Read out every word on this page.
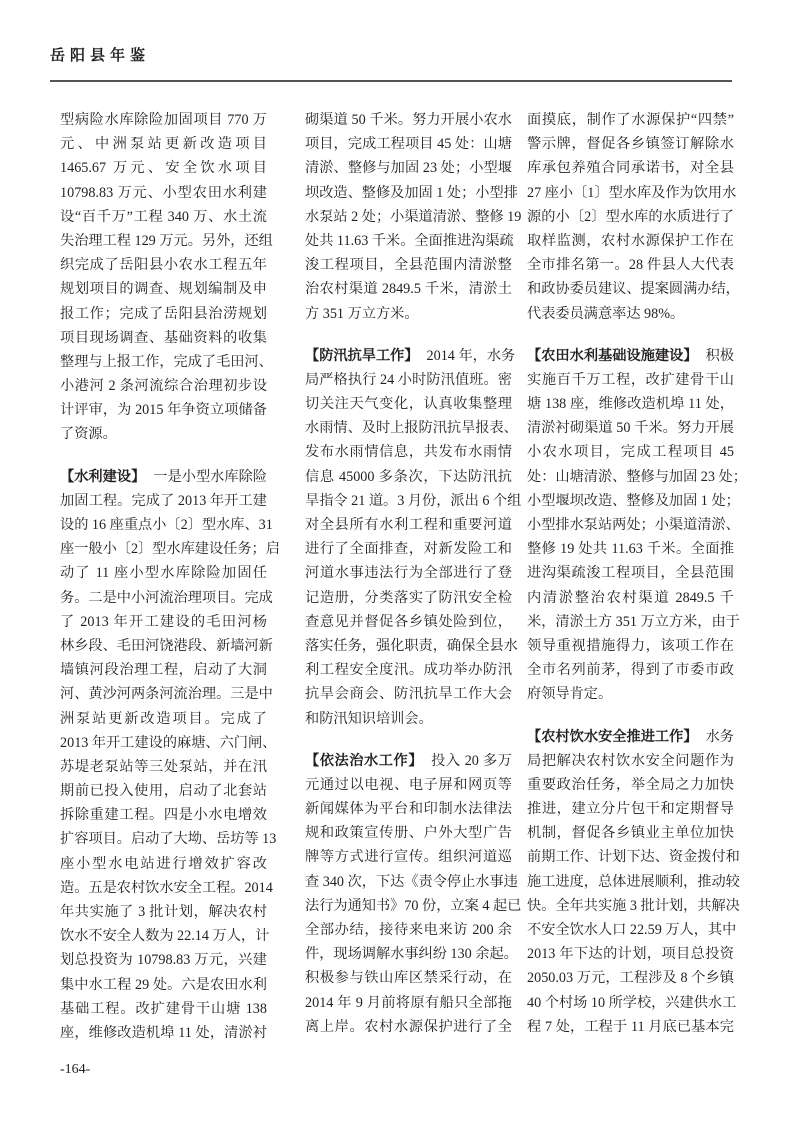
岳阳县年鉴
型病险水库除险加固项目 770 万
元、中洲泵站更新改造项目
1465.67 万元、安全饮水项目
10798.83 万元、小型农田水利建
设“百千万”工程 340 万、水土流
失治理工程 129 万元。另外，还组
织完成了岳阳县小农水工程五年
规划项目的调查、规划编制及申
报工作；完成了岳阳县治涝规划
项目现场调查、基础资料的收集
整理与上报工作，完成了毛田河、
小港河 2 条河流综合治理初步设
计评审，为 2015 年争资立项储备
了资源。
【水利建设】 一是小型水库除险
加固工程。完成了 2013 年开工建
设的 16 座重点小〔2〕型水库、31
座一般小〔2〕型水库建设任务；启
动了 11 座小型水库除险加固任
务。二是中小河流治理项目。完成
了 2013 年开工建设的毛田河杨
林乡段、毛田河饶港段、新墙河新
墙镇河段治理工程，启动了大洞
河、黄沙河两条河流治理。三是中
洲泵站更新改造项目。完成了
2013 年开工建设的麻塘、六门闸、
苏堤老泵站等三处泵站，并在汛
期前已投入使用，启动了北套站
拆除重建工程。四是小水电增效
扩容项目。启动了大坳、岳坊等 13
座小型水电站进行增效扩容改
造。五是农村饮水安全工程。2014
年共实施了 3 批计划，解决农村
饮水不安全人数为 22.14 万人，计
划总投资为 10798.83 万元，兴建
集中水工程 29 处。六是农田水利
基础工程。改扩建骨干山塘 138
座，维修改造机埠 11 处，清淤衬
砌渠道 50 千米。努力开展小农水
项目，完成工程项目 45 处：山塘
清淤、整修与加固 23 处；小型堰
坝改造、整修及加固 1 处；小型排
水泵站 2 处；小渠道清淤、整修 19
处共 11.63 千米。全面推进沟渠疏
浚工程项目，全县范围内清淤整
治农村渠道 2849.5 千米，清淤土
方 351 万立方米。
【防汛抗旱工作】 2014 年，水务
局严格执行 24 小时防汛值班。密
切关注天气变化，认真收集整理
水雨情、及时上报防汛抗旱报表、
发布水雨情信息，共发布水雨情
信息 45000 多条次，下达防汛抗
旱指令 21 道。3 月份，派出 6 个组
对全县所有水利工程和重要河道
进行了全面排查，对新发险工和
河道水事违法行为全部进行了登
记造册，分类落实了防汛安全检
查意见并督促各乡镇处险到位，
落实任务，强化职责，确保全县水
利工程安全度汛。成功举办防汛
抗旱会商会、防汛抗旱工作大会
和防汛知识培训会。
【依法治水工作】 投入 20 多万
元通过以电视、电子屏和网页等
新闻媒体为平台和印制水法律法
规和政策宣传册、户外大型广告
牌等方式进行宣传。组织河道巡
查 340 次，下达《责令停止水事违
法行为通知书》70 份，立案 4 起已
全部办结，接待来电来访 200 余
件，现场调解水事纠纷 130 余起。
积极参与铁山库区禁采行动，在
2014 年 9 月前将原有船只全部拖
离上岸。农村水源保护进行了全
面摸底，制作了水源保护“四禁”
警示牌，督促各乡镇签订解除水
库承包养殖合同承诺书，对全县
27 座小〔1〕型水库及作为饮用水
源的小〔2〕型水库的水质进行了
取样监测，农村水源保护工作在
全市排名第一。28 件县人大代表
和政协委员建议、提案圆满办结，
代表委员满意率达 98%。
【农田水利基础设施建设】 积极
实施百千万工程，改扩建骨干山
塘 138 座，维修改造机埠 11 处，
清淤衬砌渠道 50 千米。努力开展
小农水项目，完成工程项目 45
处：山塘清淤、整修与加固 23 处；
小型堰坝改造、整修及加固 1 处；
小型排水泵站两处；小渠道清淤、
整修 19 处共 11.63 千米。全面推
进沟渠疏浚工程项目，全县范围
内清淤整治农村渠道 2849.5 千
米，清淤土方 351 万立方米，由于
领导重视措施得力，该项工作在
全市名列前茅，得到了市委市政
府领导肯定。
【农村饮水安全推进工作】 水务
局把解决农村饮水安全问题作为
重要政治任务，举全局之力加快
推进，建立分片包干和定期督导
机制，督促各乡镇业主单位加快
前期工作、计划下达、资金拨付和
施工进度，总体进展顺利，推动较
快。全年共实施 3 批计划，共解决
不安全饮水人口 22.59 万人，其中
2013 年下达的计划，项目总投资
2050.03 万元，工程涉及 8 个乡镇
40 个村场 10 所学校，兴建供水工
程 7 处，工程于 11 月底已基本完
-164-
